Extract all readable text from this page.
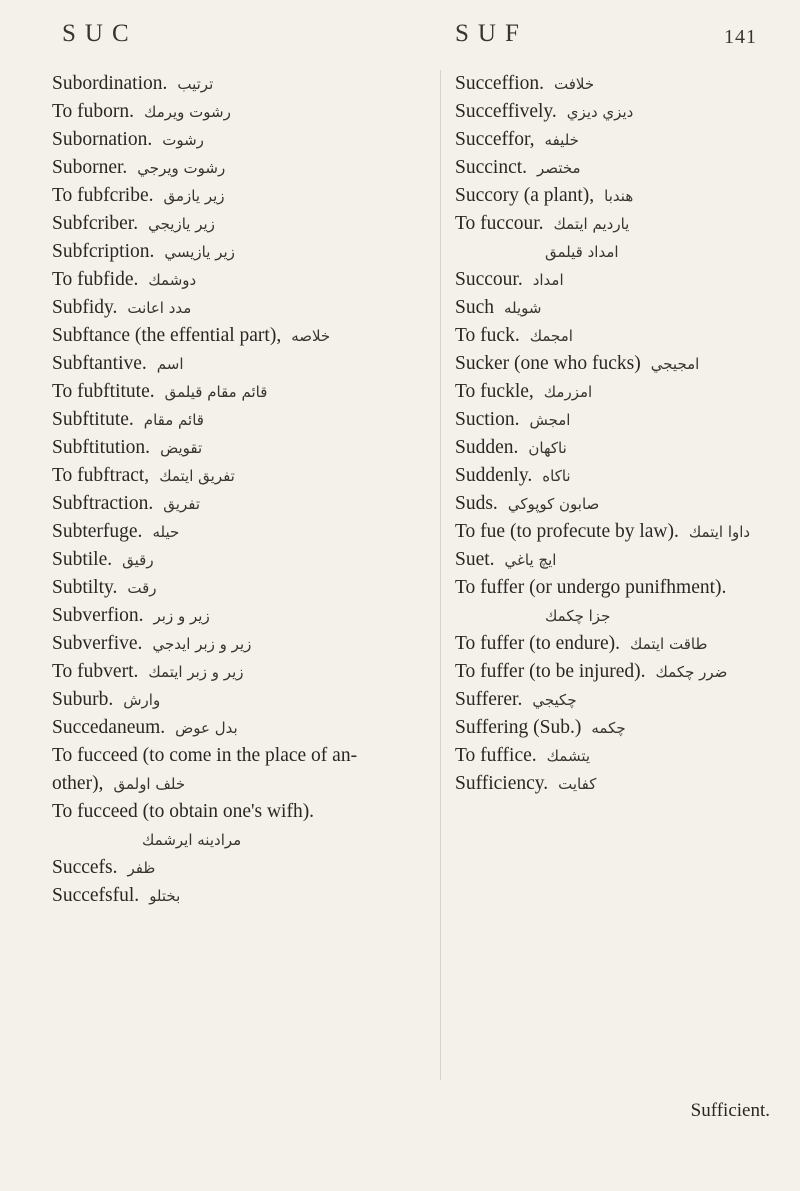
SUC	SUF	141
Subordination. ترتيب
To fuborn. رشوت ويرمك
Subornation. رشوت
Suborner. رشوت ويرجي
To fubfcribe. زير يازمق
Subfcriber. زير يازيجي
Subfcription. زير يازيسي
To fubfide. دوشمك
Subfidy. مدد اعانت
Subftance (the effential part), خلاصه
Subftantive. اسم
To fubftitute. قائم مقام قيلمق
Subftitute. قائم مقام
Subftitution. تقويض
To fubftract, تفريق ايتمك
Subftraction. تفريق
Subterfuge. حيله
Subtile. رقيق
Subtilty. رقت
Subverfion. زير و زبر
Subverfive. زير و زبر ايدجي
To fubvert. زير و زبر ايتمك
Suburb. وارش
Succedaneum. بدل عوض
To fucceed (to come in the place of an-
other), خلف اولمق
To fucceed (to obtain one's wifh).
مرادينه ايرشمك
Succefs. ظفر
Succefsful. بختلو
Succeffion. خلافت
Succeffively. ديزي ديزي
Succeffor, خليفه
Succinct. مختصر
Succory (a plant), هندبا
To fuccour. يارديم ايتمك
امداد قيلمق
Succour. امداد
Such شويله
To fuck. امجمك
Sucker (one who fucks) امجيجي
To fuckle, امزرمك
Suction. امجش
Sudden. ناكهان
Suddenly. ناكاه
Suds. صابون كوپوكي
To fue (to profecute by law). داوا ايتمك
Suet. ايچ ياغي
To fuffer (or undergo punifhment).
جزا چكمك
To fuffer (to endure). طاقت ايتمك
To fuffer (to be injured). ضرر چكمك
Sufferer. چكيجي
Suffering (Sub.) چكمه
To fuffice. يتشمك
Sufficiency. كفايت
Sufficient.
